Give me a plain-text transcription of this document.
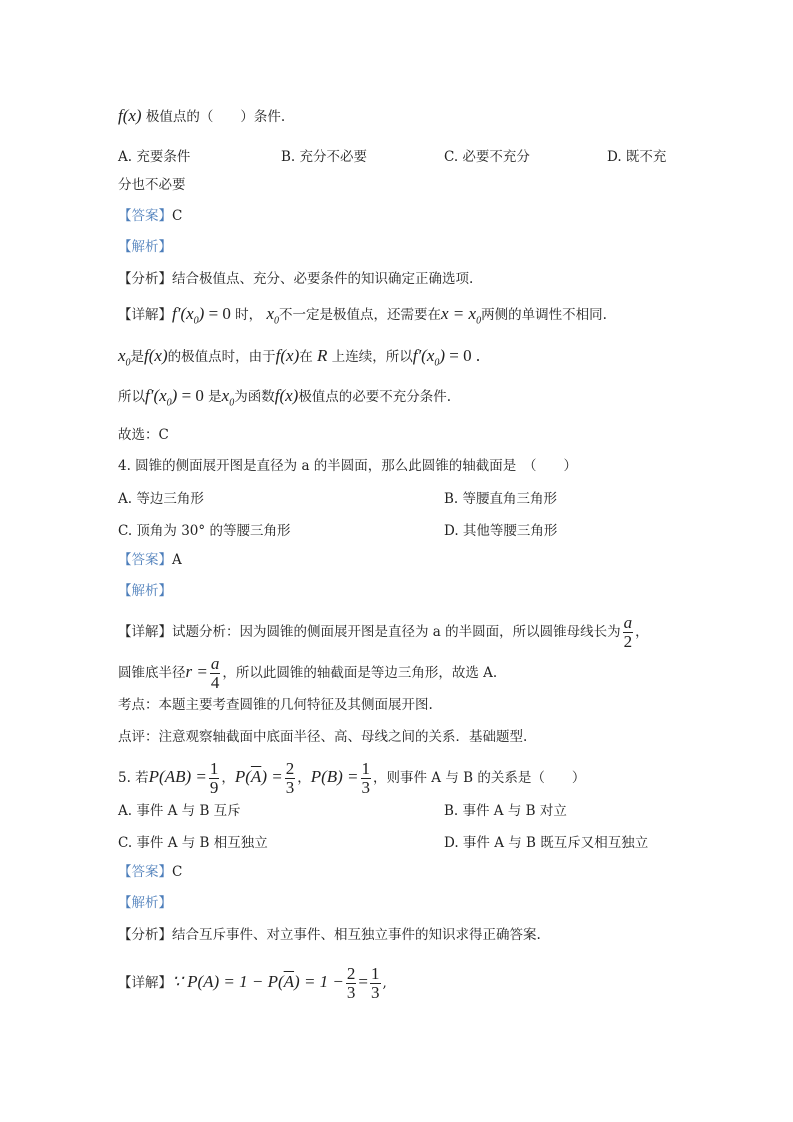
f(x) 极值点的（　　）条件.
A. 充要条件	B. 充分不必要	C. 必要不充分	D. 既不充
分也不必要
【答案】C
【解析】
【分析】结合极值点、充分、必要条件的知识确定正确选项.
【详解】$f'(x_0) = 0$ 时， $x_0$不一定是极值点，还需要在$x = x_0$两侧的单调性不相同.
$x_0$是f(x)的极值点时，由于f(x)在 R 上连续，所以$f'(x_0) = 0$ .
所以$f'(x_0) = 0$ 是$x_0$为函数f(x)极值点的必要不充分条件.
故选：C
4. 圆锥的侧面展开图是直径为 a 的半圆面，那么此圆锥的轴截面是　（　　）
A. 等边三角形	B. 等腰直角三角形
C. 顶角为 30° 的等腰三角形	D. 其他等腰三角形
【答案】A
【解析】
【详解】试题分析：因为圆锥的侧面展开图是直径为 a 的半圆面，所以圆锥母线长为 $\frac{a}{2}$ ，
圆锥底半径$r = \frac{a}{4}$ ，所以此圆锥的轴截面是等边三角形，故选 A.
考点：本题主要考查圆锥的几何特征及其侧面展开图.
点评：注意观察轴截面中底面半径、高、母线之间的关系．基础题型.
5. 若$P(AB) = \frac{1}{9}$ ，$P(\overline{A}) = \frac{2}{3}$ ，$P(B) = \frac{1}{3}$ ，则事件 A 与 B 的关系是（　　）
A. 事件 A 与 B 互斥	B. 事件 A 与 B 对立
C. 事件 A 与 B 相互独立	D. 事件 A 与 B 既互斥又相互独立
【答案】C
【解析】
【分析】结合互斥事件、对立事件、相互独立事件的知识求得正确答案.
【详解】∵ $P(A) = 1 - P(\overline{A}) = 1 - \frac{2}{3} = \frac{1}{3}$ ,
